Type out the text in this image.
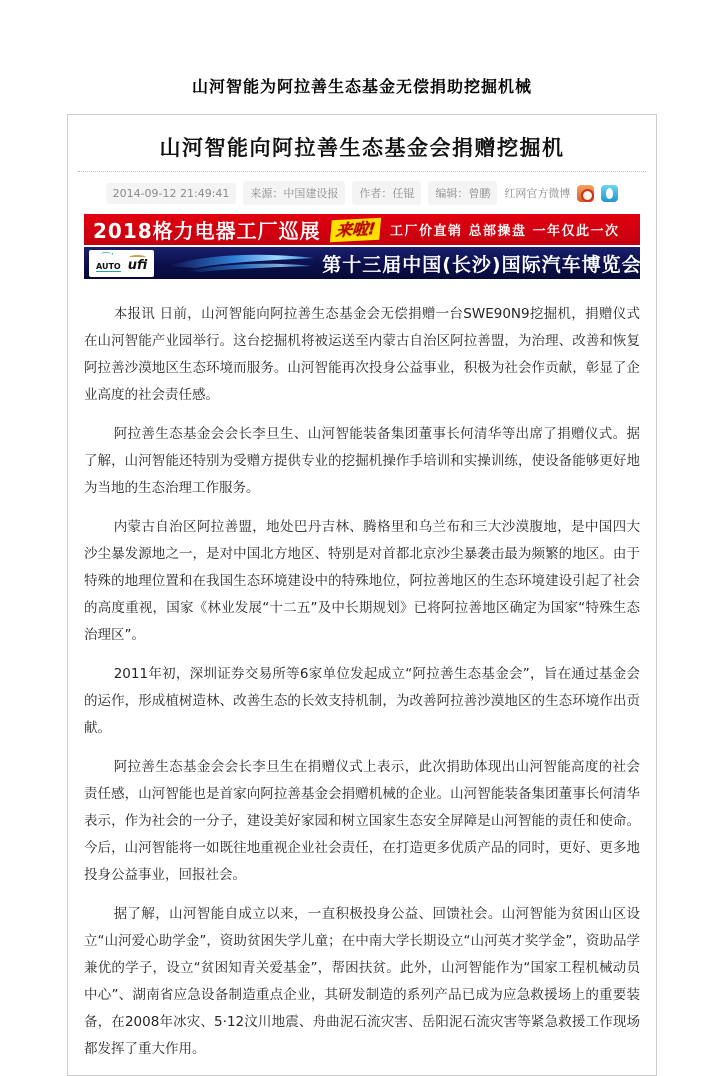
山河智能为阿拉善生态基金无偿捐助挖掘机械
山河智能向阿拉善生态基金会捐赠挖掘机
2014-09-12 21:49:41	来源：中国建设报	作者：任锟	编辑：曾鹏	红网官方微博
2018格力电器工厂巡展 来啦!	工厂价直销 总部操盘 一年仅此一次
⁀᾽
AUTO ufi	第十三届中国(长沙)国际汽车博览会

本报讯 日前，山河智能向阿拉善生态基金会无偿捐赠一台SWE90N9挖掘机，捐赠仪式在山河智能产业园举行。这台挖掘机将被运送至内蒙古自治区阿拉善盟，为治理、改善和恢复阿拉善沙漠地区生态环境而服务。山河智能再次投身公益事业，积极为社会作贡献，彰显了企业高度的社会责任感。

阿拉善生态基金会会长李旦生、山河智能装备集团董事长何清华等出席了捐赠仪式。据了解，山河智能还特别为受赠方提供专业的挖掘机操作手培训和实操训练，使设备能够更好地为当地的生态治理工作服务。

内蒙古自治区阿拉善盟，地处巴丹吉林、腾格里和乌兰布和三大沙漠腹地，是中国四大沙尘暴发源地之一，是对中国北方地区、特别是对首都北京沙尘暴袭击最为频繁的地区。由于特殊的地理位置和在我国生态环境建设中的特殊地位，阿拉善地区的生态环境建设引起了社会的高度重视，国家《林业发展“十二五”及中长期规划》已将阿拉善地区确定为国家“特殊生态治理区”。

2011年初，深圳证券交易所等6家单位发起成立“阿拉善生态基金会”，旨在通过基金会的运作，形成植树造林、改善生态的长效支持机制，为改善阿拉善沙漠地区的生态环境作出贡献。

阿拉善生态基金会会长李旦生在捐赠仪式上表示，此次捐助体现出山河智能高度的社会责任感，山河智能也是首家向阿拉善基金会捐赠机械的企业。山河智能装备集团董事长何清华表示，作为社会的一分子，建设美好家园和树立国家生态安全屏障是山河智能的责任和使命。今后，山河智能将一如既往地重视企业社会责任，在打造更多优质产品的同时，更好、更多地投身公益事业，回报社会。

据了解，山河智能自成立以来，一直积极投身公益、回馈社会。山河智能为贫困山区设立“山河爱心助学金”，资助贫困失学儿童；在中南大学长期设立“山河英才奖学金”，资助品学兼优的学子，设立“贫困知青关爱基金”，帮困扶贫。此外，山河智能作为“国家工程机械动员中心”、湖南省应急设备制造重点企业，其研发制造的系列产品已成为应急救援场上的重要装备，在2008年冰灾、5·12汶川地震、舟曲泥石流灾害、岳阳泥石流灾害等紧急救援工作现场都发挥了重大作用。
